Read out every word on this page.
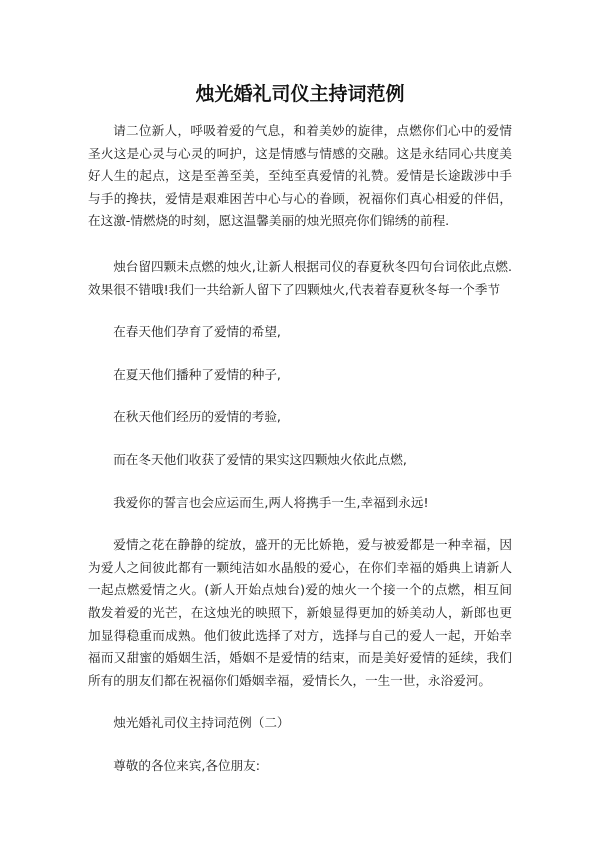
烛光婚礼司仪主持词范例

请二位新人，呼吸着爱的气息，和着美妙的旋律，点燃你们心中的爱情圣火这是心灵与心灵的呵护，这是情感与情感的交融。这是永结同心共度美好人生的起点，这是至善至美，至纯至真爱情的礼赞。爱情是长途跋涉中手与手的搀扶，爱情是艰难困苦中心与心的眷顾，祝福你们真心相爱的伴侣，在这激-情燃烧的时刻，愿这温馨美丽的烛光照亮你们锦绣的前程.

烛台留四颗未点燃的烛火,让新人根据司仪的春夏秋冬四句台词依此点燃.效果很不错哦!我们一共给新人留下了四颗烛火,代表着春夏秋冬每一个季节

在春天他们孕育了爱情的希望,

在夏天他们播种了爱情的种子,

在秋天他们经历的爱情的考验,

而在冬天他们收获了爱情的果实这四颗烛火依此点燃,

我爱你的誓言也会应运而生,两人将携手一生,幸福到永远!

爱情之花在静静的绽放，盛开的无比娇艳，爱与被爱都是一种幸福，因为爱人之间彼此都有一颗纯洁如水晶般的爱心，在你们幸福的婚典上请新人一起点燃爱情之火。(新人开始点烛台)爱的烛火一个接一个的点燃，相互间散发着爱的光芒，在这烛光的映照下，新娘显得更加的娇美动人，新郎也更加显得稳重而成熟。他们彼此选择了对方，选择与自己的爱人一起，开始幸福而又甜蜜的婚姻生活，婚姻不是爱情的结束，而是美好爱情的延续，我们所有的朋友们都在祝福你们婚姻幸福，爱情长久，一生一世，永浴爱河。

烛光婚礼司仪主持词范例（二）

尊敬的各位来宾,各位朋友:
